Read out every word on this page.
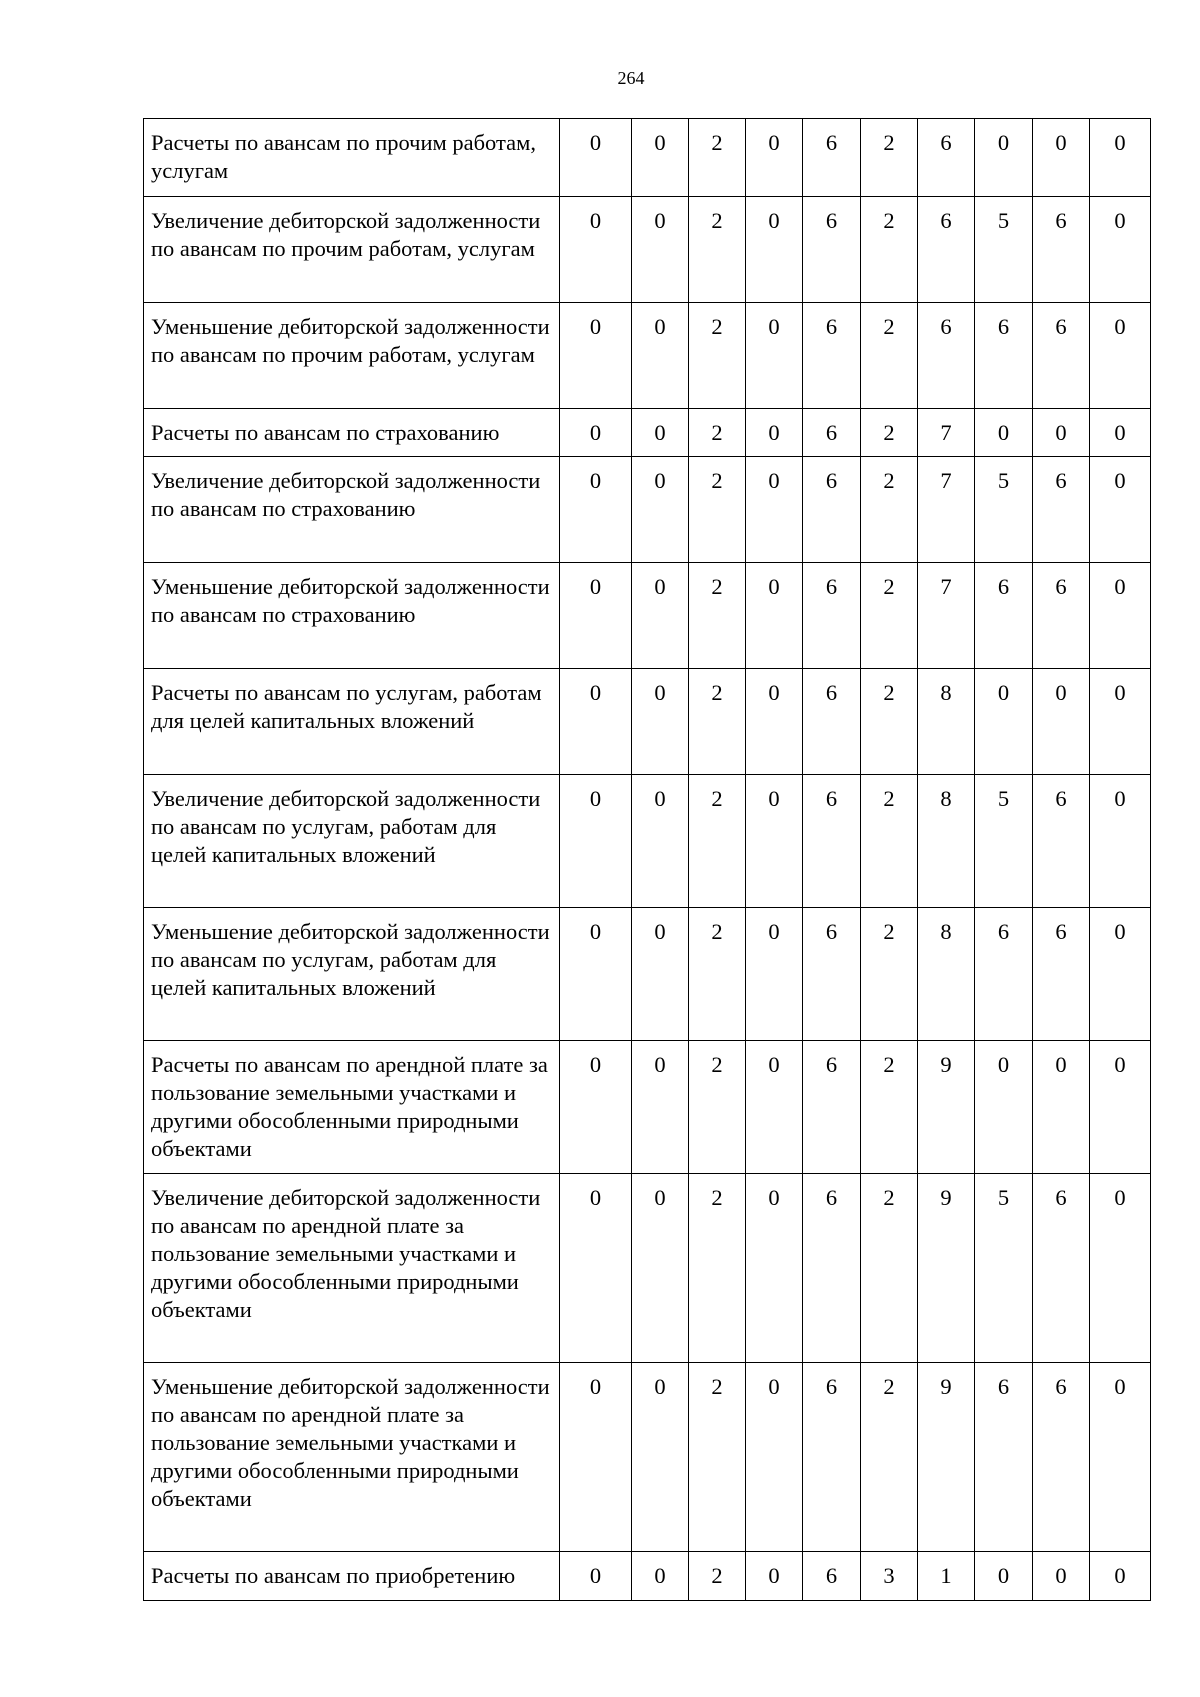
264
Расчеты по авансам по прочим работам, услугам	0	0	2	0	6	2	6	0	0	0
Увеличение дебиторской задолженности по авансам по прочим работам, услугам	0	0	2	0	6	2	6	5	6	0
Уменьшение дебиторской задолженности по авансам по прочим работам, услугам	0	0	2	0	6	2	6	6	6	0
Расчеты по авансам по страхованию	0	0	2	0	6	2	7	0	0	0
Увеличение дебиторской задолженности по авансам по страхованию	0	0	2	0	6	2	7	5	6	0
Уменьшение дебиторской задолженности по авансам по страхованию	0	0	2	0	6	2	7	6	6	0
Расчеты по авансам по услугам, работам для целей капитальных вложений	0	0	2	0	6	2	8	0	0	0
Увеличение дебиторской задолженности по авансам по услугам, работам для целей капитальных вложений	0	0	2	0	6	2	8	5	6	0
Уменьшение дебиторской задолженности по авансам по услугам, работам для целей капитальных вложений	0	0	2	0	6	2	8	6	6	0
Расчеты по авансам по арендной плате за пользование земельными участками и другими обособленными природными объектами	0	0	2	0	6	2	9	0	0	0
Увеличение дебиторской задолженности по авансам по арендной плате за пользование земельными участками и другими обособленными природными объектами	0	0	2	0	6	2	9	5	6	0
Уменьшение дебиторской задолженности по авансам по арендной плате за пользование земельными участками и другими обособленными природными объектами	0	0	2	0	6	2	9	6	6	0
Расчеты по авансам по приобретению	0	0	2	0	6	3	1	0	0	0
